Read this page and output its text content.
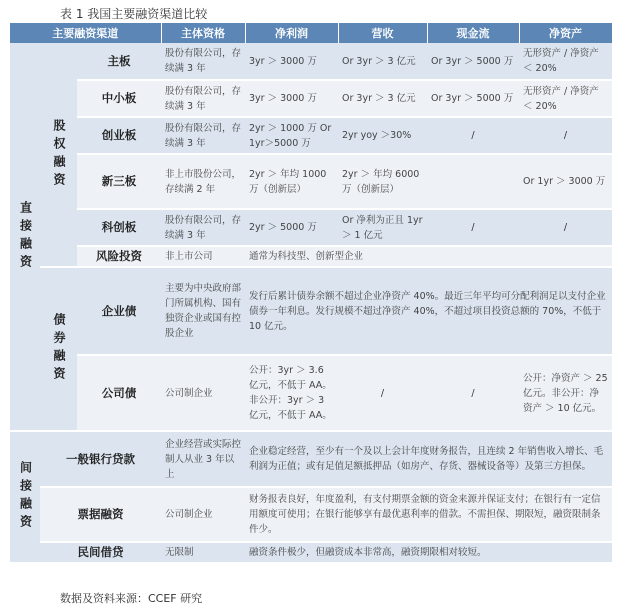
表 1 我国主要融资渠道比较
主要融资渠道			主体资格	净利润	营收	现金流	净资产
直接融资	股权融资	主板	股份有限公司，存续满 3 年	3yr ＞ 3000 万	Or 3yr ＞ 3 亿元	Or 3yr ＞ 5000 万	无形资产 / 净资产 ＜ 20%
		中小板	股份有限公司，存续满 3 年	3yr ＞ 3000 万	Or 3yr ＞ 3 亿元	Or 3yr ＞ 5000 万	无形资产 / 净资产 ＜ 20%
		创业板	股份有限公司，存续满 3 年	2yr ＞ 1000 万 Or 1yr＞5000 万	2yr yoy ＞30%	/	/
		新三板	非上市股份公司，存续满 2 年	2yr ＞ 年均 1000 万（创新层）	2yr ＞ 年均 6000 万（创新层）		Or 1yr ＞ 3000 万
		科创板	股份有限公司，存续满 3 年	2yr ＞ 5000 万	Or 净利为正且 1yr ＞ 1 亿元	/	/
		风险投资	非上市公司	通常为科技型、创新型企业			
	债券融资	企业债	主要为中央政府部门所属机构、国有独资企业或国有控股企业	发行后累计债券余额不超过企业净资产 40%。最近三年平均可分配利润足以支付企业债券一年利息。发行规模不超过净资产 40%，不超过项目投资总额的 70%，不低于 10 亿元。			
		公司债	公司制企业	公开：3yr ＞ 3.6 亿元，不低于 AA。非公开：3yr ＞ 3 亿元，不低于 AA。	/	/	公开：净资产 ＞ 25 亿元。非公开：净资产 ＞ 10 亿元。
间接融资	一般银行贷款		企业经营或实际控制人从业 3 年以上	企业稳定经营，至少有一个及以上会计年度财务报告，且连续 2 年销售收入增长、毛利润为正值；或有足值足额抵押品（如房产、存货、器械设备等）及第三方担保。			
	票据融资		公司制企业	财务报表良好，年度盈利，有支付期票金额的资金来源并保证支付；在银行有一定信用额度可使用；在银行能够享有最优惠利率的借款。不需担保、期限短，融资限制条件少。			
	民间借贷		无限制	融资条件极少，但融资成本非常高，融资期限相对较短。			
数据及资料来源：CCEF 研究
